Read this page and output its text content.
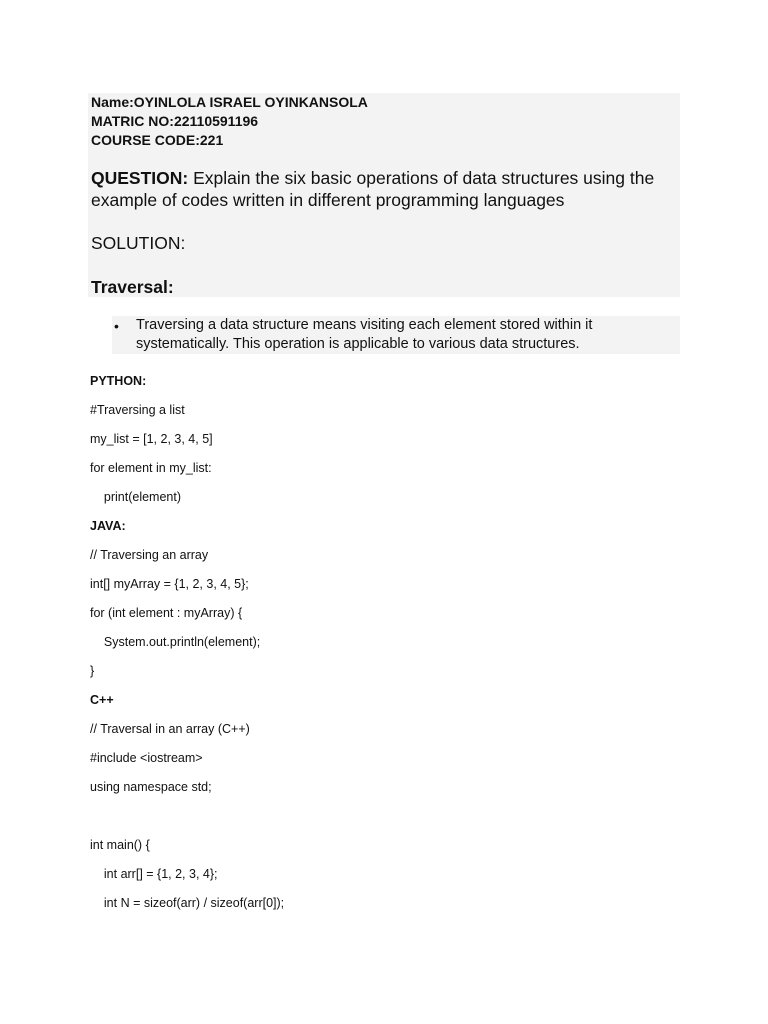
Name:OYINLOLA ISRAEL OYINKANSOLA
MATRIC NO:22110591196
COURSE CODE:221
QUESTION: Explain the six basic operations of data structures using the example of codes written in different programming languages
SOLUTION:
Traversal:
• Traversing a data structure means visiting each element stored within it systematically. This operation is applicable to various data structures.
PYTHON:
#Traversing a list
my_list = [1, 2, 3, 4, 5]
for element in my_list:
print(element)
JAVA:
// Traversing an array
int[] myArray = {1, 2, 3, 4, 5};
for (int element : myArray) {
System.out.println(element);
}
C++
// Traversal in an array (C++)
#include <iostream>
using namespace std;
int main() {
int arr[] = {1, 2, 3, 4};
int N = sizeof(arr) / sizeof(arr[0]);
